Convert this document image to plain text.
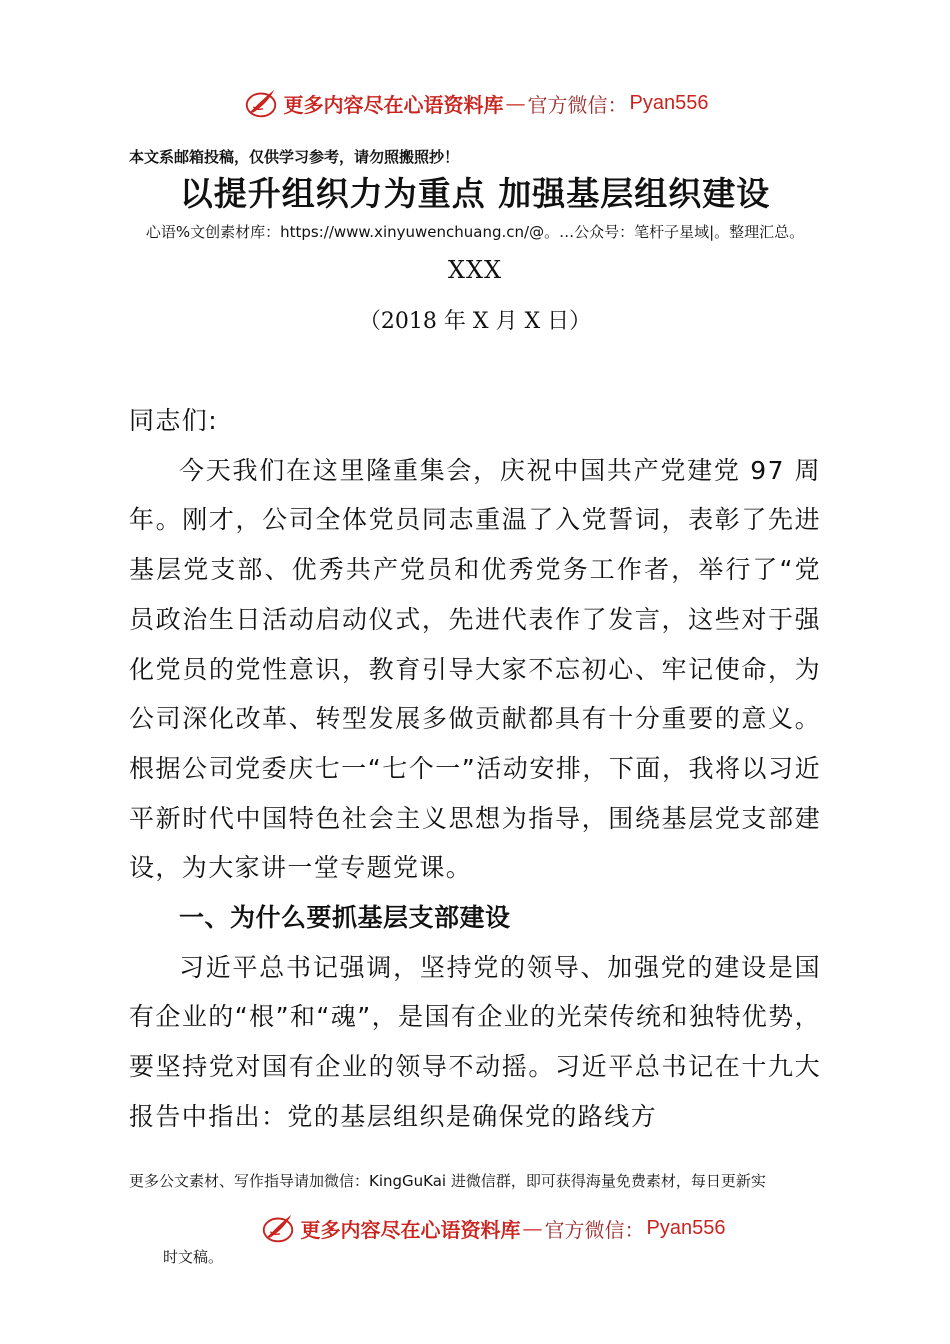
更多内容尽在心语资料库 — 官方微信： Pyan556
本文系邮箱投稿，仅供学习参考，请勿照搬照抄！
以提升组织力为重点 加强基层组织建设
心语%文创素材库：https://www.xinyuwenchuang.cn/@。…公众号：笔杆子星域|。整理汇总。
XXX
（2018 年 X 月 X 日）

同志们:

今天我们在这里隆重集会，庆祝中国共产党建党 97 周年。刚才，公司全体党员同志重温了入党誓词，表彰了先进基层党支部、优秀共产党员和优秀党务工作者，举行了“党员政治生日活动启动仪式，先进代表作了发言，这些对于强化党员的党性意识，教育引导大家不忘初心、牢记使命，为公司深化改革、转型发展多做贡献都具有十分重要的意义。根据公司党委庆七一“七个一”活动安排，下面，我将以习近平新时代中国特色社会主义思想为指导，围绕基层党支部建设，为大家讲一堂专题党课。

一、为什么要抓基层支部建设

习近平总书记强调，坚持党的领导、加强党的建设是国有企业的“根”和“魂”，是国有企业的光荣传统和独特优势，要坚持党对国有企业的领导不动摇。习近平总书记在十九大报告中指出：党的基层组织是确保党的路线方

更多公文素材、写作指导请加微信：KingGuKai 进微信群，即可获得海量免费素材，每日更新实
更多内容尽在心语资料库 — 官方微信： Pyan556
时文稿。
